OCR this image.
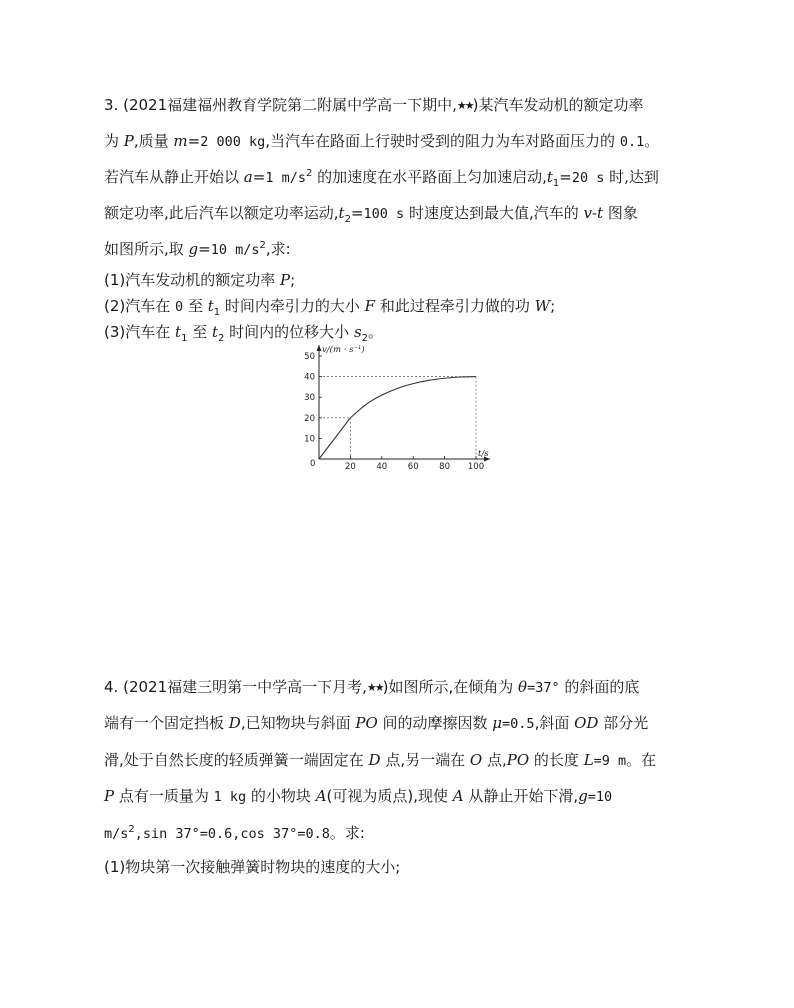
3. (2021福建福州教育学院第二附属中学高一下期中,★★)某汽车发动机的额定功率
为 P,质量 m=2 000 kg,当汽车在路面上行驶时受到的阻力为车对路面压力的 0.1。
若汽车从静止开始以 a=1 $m/s^2$ 的加速度在水平路面上匀加速启动$,t_1=20$ s 时,达到
额定功率,此后汽车以额定功率运动$,t_2=100$ s 时速度达到最大值,汽车的 v-t 图象
如图所示,取 g=10 $m/s^2$,求:
(1)汽车发动机的额定功率 P;
(2)汽车在 0 至 $t_1$ 时间内牵引力的大小 F 和此过程牵引力做的功 W;
(3)汽车在 $t_1$ 至 $t_2$ 时间内的位移大小 $s_2$。
20 40 60 80 100
10
20
30
40
50
v/(m · s⁻¹)
t/s
0
4. (2021福建三明第一中学高一下月考,★★)如图所示,在倾角为 θ=37° 的斜面的底
端有一个固定挡板 D,已知物块与斜面 PO 间的动摩擦因数 μ=0.5,斜面 OD 部分光
滑,处于自然长度的轻质弹簧一端固定在 D 点,另一端在 O 点,PO 的长度 L=9 m。在
P 点有一质量为 1 kg 的小物块 A(可视为质点),现使 A 从静止开始下滑,g=10
$m/s^2,\sin$ 37°=0.6,cos 37°=0.8。求:
(1)物块第一次接触弹簧时物块的速度的大小;
